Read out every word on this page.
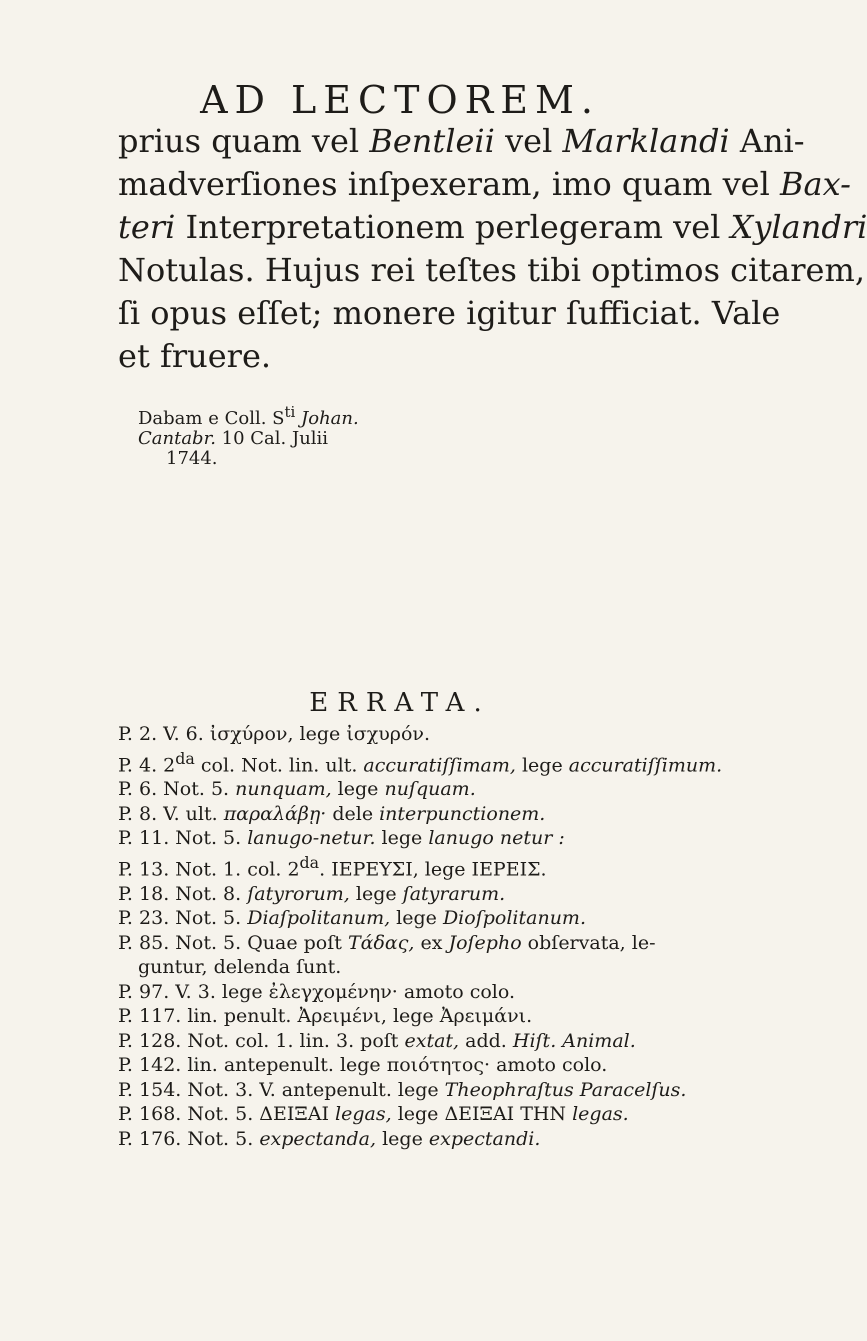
AD LECTOREM.
prius quam vel Bentleii vel Marklandi Ani-
madverſiones inſpexeram, imo quam vel Bax-
teri Interpretationem perlegeram vel Xylandri
Notulas. Hujus rei teſtes tibi optimos citarem,
ſi opus eſſet; monere igitur ſufficiat. Vale
et fruere.
Dabam e Coll. $S^{ti}$ Johan.
Cantabr. 10 Cal. Julii
1744.
ERRATA.
P. 2. V. 6. ἰσχύρον, lege ἰσχυρόν.
P. 4. $2^{da}$ col. Not. lin. ult. accuratiſſimam, lege accuratiſſimum.
P. 6. Not. 5. nunquam, lege nuſquam.
P. 8. V. ult. παραλάβῃ· dele interpunctionem.
P. 11. Not. 5. lanugo-netur. lege lanugo netur :
P. 13. Not. 1. col. $2^{da}$. ΙΕΡΕΥΣΙ, lege ΙΕΡΕΙΣ.
P. 18. Not. 8. ſatyrorum, lege ſatyrarum.
P. 23. Not. 5. Diaſpolitanum, lege Dioſpolitanum.
P. 85. Not. 5. Quae poſt Τάδας, ex Joſepho obſervata, le-
guntur, delenda ſunt.
P. 97. V. 3. lege ἐλεγχομένην· amoto colo.
P. 117. lin. penult. Ἀρειμένι, lege Ἀρειμάνι.
P. 128. Not. col. 1. lin. 3. poſt extat, add. Hiſt. Animal.
P. 142. lin. antepenult. lege ποιότητος· amoto colo.
P. 154. Not. 3. V. antepenult. lege Theophraſtus Paracelſus.
P. 168. Not. 5. ΔΕΙΞΑΙ legas, lege ΔΕΙΞΑΙ ΤΗΝ legas.
P. 176. Not. 5. expectanda, lege expectandi.
